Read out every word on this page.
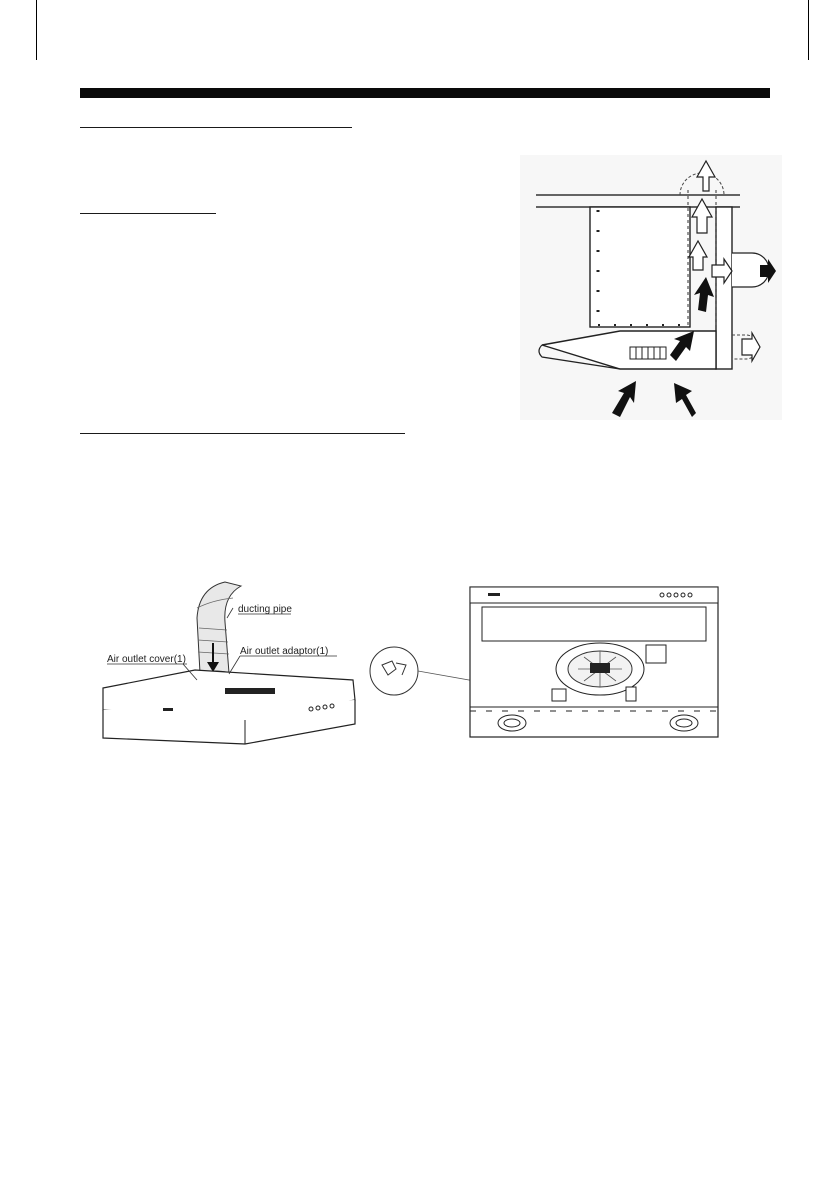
ducting pipe
Air outlet cover(1)
Air outlet adaptor(1)
